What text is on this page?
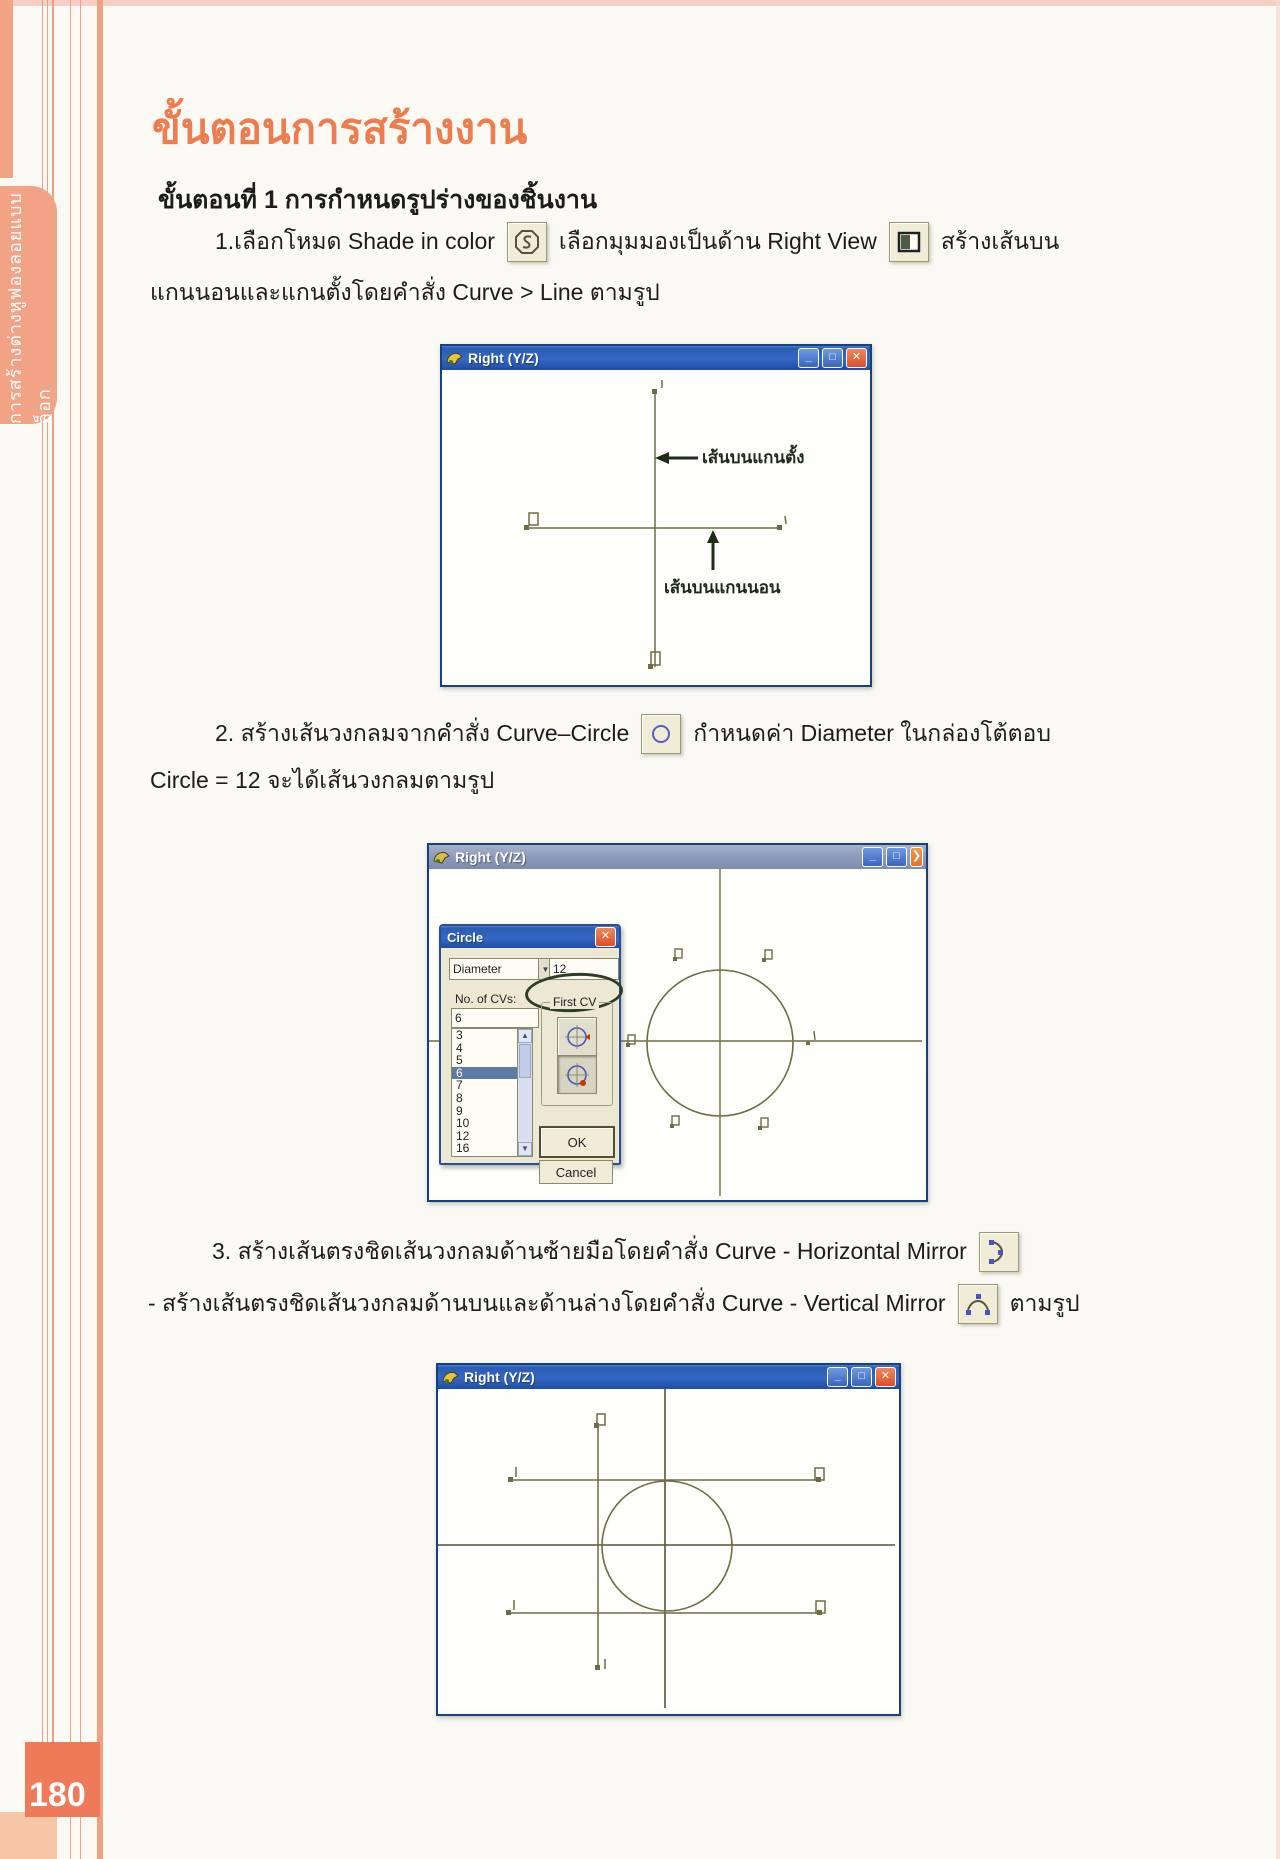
การสร้างต่างหูฟองลอยแบบล็อก
180
ขั้นตอนการสร้างงาน
ขั้นตอนที่ 1 การกำหนดรูปร่างของชิ้นงาน
1.เลือกโหมด Shade in color	เลือกมุมมองเป็นด้าน Right View	สร้างเส้นบน
แกนนอนและแกนตั้งโดยคำสั่ง Curve > Line ตามรูป
Right (Y/Z)	_	□	✕
เส้นบนแกนตั้ง
เส้นบนแกนนอน
2. สร้างเส้นวงกลมจากคำสั่ง Curve–Circle	กำหนดค่า Diameter ในกล่องโต้ตอบ
Circle = 12 จะได้เส้นวงกลมตามรูป
Right (Y/Z)	_	□	❯
Circle	✕
Diameter	▼ 12
No. of CVs:
6
▲
▼
3
4
5
6
7
8
9
10
12
16
First CV
OK
Cancel
3. สร้างเส้นตรงชิดเส้นวงกลมด้านซ้ายมือโดยคำสั่ง Curve - Horizontal Mirror
- สร้างเส้นตรงชิดเส้นวงกลมด้านบนและด้านล่างโดยคำสั่ง Curve - Vertical Mirror	ตามรูป
Right (Y/Z)	_	□	✕
